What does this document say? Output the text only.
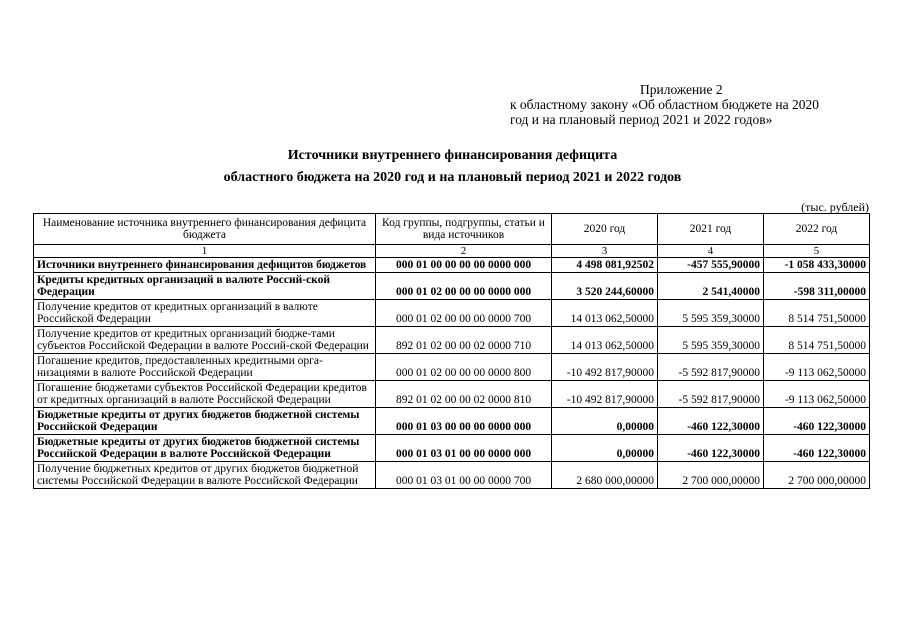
Приложение 2
к областному закону «Об областном бюджете на 2020
год и на плановый период 2021 и 2022 годов»
Источники внутреннего финансирования дефицита
областного бюджета на 2020 год и на плановый период 2021 и 2022 годов
(тыс. рублей)
Наименование источника внутреннего финансирования дефицита бюджета	Код группы, подгруппы, статьи и вида источников	2020 год	2021 год	2022 год
1	2	3	4	5
Источники внутреннего финансирования дефицитов бюджетов	000 01 00 00 00 00 0000 000	4 498 081,92502	-457 555,90000	-1 058 433,30000
Кредиты кредитных организаций в валюте Россий-ской Федерации	000 01 02 00 00 00 0000 000	3 520 244,60000	2 541,40000	-598 311,00000
Получение кредитов от кредитных организаций в валюте Российской Федерации	000 01 02 00 00 00 0000 700	14 013 062,50000	5 595 359,30000	8 514 751,50000
Получение кредитов от кредитных организаций бюдже-тами субъектов Российской Федерации в валюте Россий-ской Федерации	892 01 02 00 00 02 0000 710	14 013 062,50000	5 595 359,30000	8 514 751,50000
Погашение кредитов, предоставленных кредитными орга-низациями в валюте Российской Федерации	000 01 02 00 00 00 0000 800	-10 492 817,90000	-5 592 817,90000	-9 113 062,50000
Погашение бюджетами субъектов Российской Федерации кредитов от кредитных организаций в валюте Российской Федерации	892 01 02 00 00 02 0000 810	-10 492 817,90000	-5 592 817,90000	-9 113 062,50000
Бюджетные кредиты от других бюджетов бюджетной системы Российской Федерации	000 01 03 00 00 00 0000 000	0,00000	-460 122,30000	-460 122,30000
Бюджетные кредиты от других бюджетов бюджетной системы Российской Федерации в валюте Российской Федерации	000 01 03 01 00 00 0000 000	0,00000	-460 122,30000	-460 122,30000
Получение бюджетных кредитов от других бюджетов бюджетной системы Российской Федерации в валюте Российской Федерации	000 01 03 01 00 00 0000 700	2 680 000,00000	2 700 000,00000	2 700 000,00000
